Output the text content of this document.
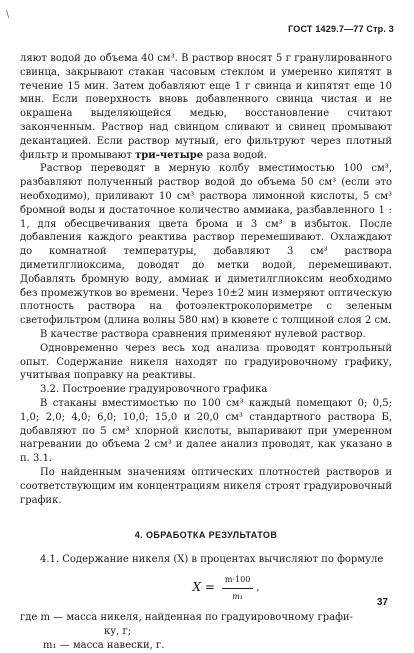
\
ГОСТ 1429.7—77 Стр. 3

ляют водой до объема 40 см³. В раствор вносят 5 г гранулированного свинца, закрывают стакан часовым стеклом и умеренно кипятят в течение 15 мин. Затем добавляют еще 1 г свинца и кипятят еще 10 мин. Если поверхность вновь добавленного свинца чистая и не окрашена выделяющейся медью, восстановление считают законченным. Раствор над свинцом сливают и свинец промывают декантацией. Если раствор мутный, его фильтруют через плотный фильтр и промывают три-четыре раза водой.

Раствор переводят в мерную колбу вместимостью 100 см³, разбавляют полученный раствор водой до объема 50 см³ (если это необходимо), приливают 10 см³ раствора лимонной кислоты, 5 см³ бромной воды и достаточное количество аммиака, разбавленного 1 : 1, для обесцвечивания цвета брома и 3 см³ в избыток. После добавления каждого реактива раствор перемешивают. Охлаждают до комнатной температуры, добавляют 3 см³ раствора диметилглиоксима, доводят до метки водой, перемешивают. Добавлять бромную воду, аммиак и диметилглиоксим необходимо без промежутков во времени. Через 10±2 мин измеряют оптическую плотность раствора на фотоэлектроколориметре с зеленым светофильтром (длина волны 580 нм) в кювете с толщиной слоя 2 см.

В качестве раствора сравнения применяют нулевой раствор.

Одновременно через весь ход анализа проводят контрольный опыт. Содержание никеля находят по градуировочному графику, учитывая поправку на реактивы.

3.2. Построение градуировочного графика

В стаканы вместимостью по 100 см³ каждый помещают 0; 0,5; 1,0; 2,0; 4,0; 6,0; 10,0; 15,0 и 20,0 см³ стандартного раствора Б, добавляют по 5 см³ хлорной кислоты, выпаривают при умеренном нагревании до объема 2 см³ и далее анализ проводят, как указано в п. 3.1.

По найденным значениям оптических плотностей растворов и соответствующим им концентрациям никеля строят градуировочный график.

4. ОБРАБОТКА РЕЗУЛЬТАТОВ

4.1. Содержание никеля (X) в процентах вычисляют по формуле

$X = \frac{m\cdot 100}{\text{m₁}}$ ,
где m — масса никеля, найденная по градуировочному графи-
ку, г;
m₁ — масса навески, г.
37
